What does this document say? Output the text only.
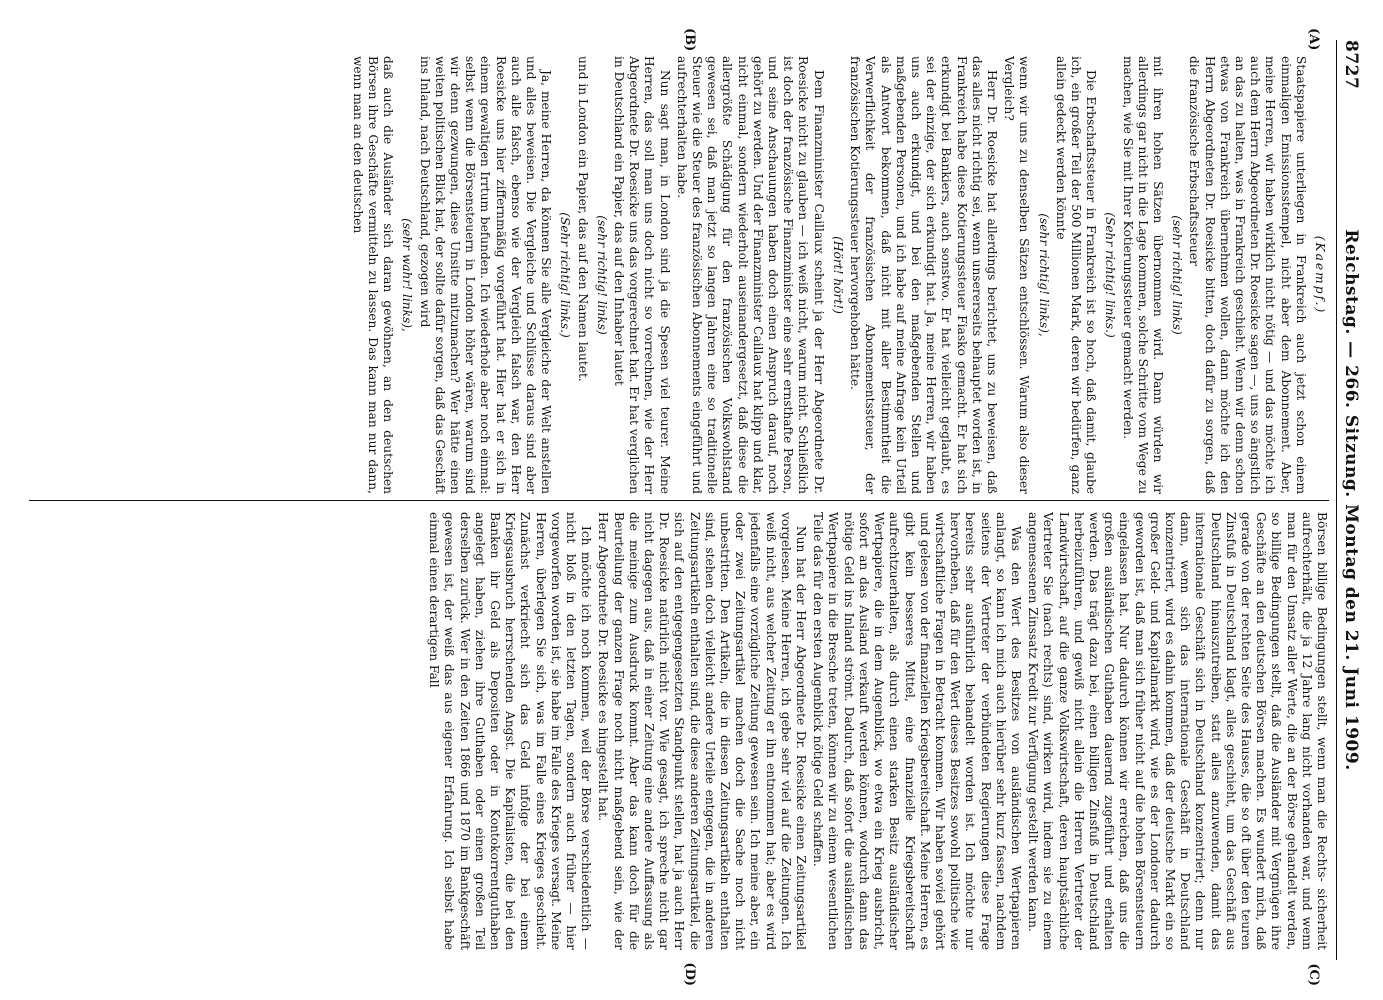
8727
Reichstag. — 266. Sitzung. Montag den 21. Juni 1909.
(A)
(B)
(C)
(D)
(Kaempf.)

Staatspapiere unterliegen in Frankreich auch jetzt schon einem einmaligen Emissionsstempel, nicht aber dem Abonnement. Aber, meine Herren, wir haben wirklich nicht nötig — und das möchte ich auch dem Herrn Abgeordneten Dr. Roesicke sagen —, uns so ängstlich an das zu halten, was in Frankreich geschieht. Wenn wir denn schon etwas von Frankreich übernehmen wollen, dann möchte ich den Herrn Abgeordneten Dr. Roesicke bitten, doch dafür zu sorgen, daß die französische Erbschaftssteuer

(sehr richtig! links)

mit ihren hohen Sätzen übernommen wird. Dann würden wir allerdings gar nicht in die Lage kommen, solche Schritte vom Wege zu machen, wie Sie mit Ihrer Kotierungssteuer gemacht werden.

(Sehr richtig! links.)

Die Erbschaftssteuer in Frankreich ist so hoch, daß damit, glaube ich, ein großer Teil der 500 Millionen Mark, deren wir bedürfen, ganz allein gedeckt werden könnte

(sehr richtig! links),

wenn wir uns zu denselben Sätzen entschlössen. Warum also dieser Vergleich?

Herr Dr. Roesicke hat allerdings berichtet, uns zu beweisen, daß das alles nicht richtig sei, wenn unsererseits behauptet worden ist, in Frankreich habe diese Kotierungssteuer Fiasko gemacht. Er hat sich erkundigt bei Bankiers, auch sonstwo. Er hat vielleicht geglaubt, es sei der einzige, der sich erkundigt hat. Ja, meine Herren, wir haben uns auch erkundigt, und bei den maßgebenden Stellen und maßgebenden Personen, und ich habe auf meine Anfrage kein Urteil als Antwort bekommen, daß nicht mit aller Bestimmtheit die Verwerflichkeit der französischen Abonnementssteuer, der französischen Kotierungssteuer hervorgehoben hätte.

(Hört! hört!)

Dem Finanzminister Caillaux scheint ja der Herr Abgeordnete Dr. Roesicke nicht zu glauben — ich weiß nicht, warum nicht. Schließlich ist doch der französische Finanzminister eine sehr ernsthafte Person, und seine Anschauungen haben doch einen Anspruch darauf, noch gehört zu werden. Und der Finanzminister Caillaux hat klipp und klar, nicht einmal, sondern wiederholt auseinandergesetzt, daß diese die allergrößte Schädigung für den französischen Volkswohlstand gewesen sei, daß man jetzt so langen Jahren eine so traditionelle Steuer wie die Steuer des französischen Abonnements eingeführt und aufrechterhalten habe.

Nun sagt man, in London sind ja die Spesen viel teurer. Meine Herren, das soll man uns doch nicht so vorrechnen, wie der Herr Abgeordnete Dr. Roesicke uns das vorgerechnet hat. Er hat verglichen in Deutschland ein Papier, das auf den Inhaber lautet

(sehr richtig! links)

und in London ein Papier, das auf den Namen lautet.

(Sehr richtig! links.)

Ja, meine Herren, da können Sie alle Vergleiche der Welt anstellen und alles beweisen. Die Vergleiche und Schlüsse daraus sind aber auch alle falsch, ebenso wie der Vergleich falsch war, den Herr Roesicke uns hier ziffernmäßig vorgeführt hat. Hier hat er sich in einem gewaltigen Irrtum befunden. Ich wiederhole aber noch einmal: selbst wenn die Börsensteuern in London höher wären, warum sind wir denn gezwungen, diese Unsitte mitzumachen? Wer hätte einen weiten politischen Blick hat, der sollte dafür sorgen, daß das Geschäft ins Inland, nach Deutschland, gezogen wird

(sehr wahr! links),

daß auch die Ausländer sich daran gewöhnen, an den deutschen Börsen ihre Geschäfte vermitteln zu lassen. Das kann man nur dann, wenn man an den deutschen

Börsen billige Bedingungen stellt, wenn man die Rechts- sicherheit aufrechterhält, die ja 12 Jahre lang nicht vorhanden war, und wenn man für den Umsatz aller Werte, die an der Börse gehandelt werden, so billige Bedingungen stellt, daß die Ausländer mit Vergnügen ihre Geschäfte an den deutschen Börsen machen. Es wundert mich, daß gerade von der rechten Seite des Hauses, die so oft über den teuren Zinsfuß in Deutschland klagt, alles geschieht, um das Geschäft aus Deutschland hinauszutreiben, statt alles anzuwenden, damit das internationale Geschäft sich in Deutschland konzentriert; denn nur dann, wenn sich das internationale Geschäft in Deutschland konzentriert, wird es dahin kommen, daß der deutsche Markt ein so großer Geld- und Kapitalmarkt wird, wie es der Londoner dadurch geworden ist, daß man sich früher nicht auf die hohen Börsensteuern eingelassen hat. Nur dadurch können wir erreichen, daß uns die großen ausländischen Guthaben dauernd zugeführt und erhalten werden. Das trägt dazu bei, einen billigen Zinsfuß in Deutschland herbeizuführen, und gewiß nicht allein die Herren Vertreter der Landwirtschaft, auf die ganze Volkswirtschaft, deren hauptsächliche Vertreter Sie (nach rechts) sind, wirken wird, indem sie zu einem angemessenen Zinssatz Kredit zur Verfügung gestellt werden kann.

Was den Wert des Besitzes von ausländischen Wertpapieren anlangt, so kann ich mich auch hierüber sehr kurz fassen, nachdem seitens der Vertreter der verbündeten Regierungen diese Frage bereits sehr ausführlich behandelt worden ist. Ich möchte nur hervorheben, daß für den Wert dieses Besitzes sowohl politische wie wirtschaftliche Fragen in Betracht kommen. Wir haben soviel gehört und gelesen von der finanziellen Kriegsbereitschaft. Meine Herren, es gibt kein besseres Mittel, eine finanzielle Kriegsbereitschaft aufrechtzuerhalten, als durch einen starken Besitz ausländischer Wertpapiere, die in dem Augenblick, wo etwa ein Krieg ausbricht, sofort an das Ausland verkauft werden können, wodurch dann das nötige Geld ins Inland strömt. Dadurch, daß sofort die ausländischen Wertpapiere in die Bresche treten, können wir zu einem wesentlichen Teile das für den ersten Augenblick nötige Geld schaffen.

Nun hat der Herr Abgeordnete Dr. Roesicke einen Zeitungsartikel vorgelesen. Meine Herren, ich gebe sehr viel auf die Zeitungen. Ich weiß nicht, aus welcher Zeitung er ihn entnommen hat; aber es wird jedenfalls eine vorzügliche Zeitung gewesen sein. Ich meine aber, ein oder zwei Zeitungsartikel machen doch die Sache noch nicht unbestritten. Den Artikeln, die in diesen Zeitungsartikeln enthalten sind, stehen doch vielleicht andere Urteile entgegen, die in anderen Zeitungsartikeln enthalten sind, die diese anderen Zeitungsartikel, die sich auf den entgegengesetzten Standpunkt stellen, hat ja auch Herr Dr. Roesicke natürlich nicht vor. Wie gesagt, ich spreche nicht gar nicht dagegen aus, daß in einer Zeitung eine andere Auffassung als die meinige zum Ausdruck kommt. Aber das kann doch für die Beurteilung der ganzen Frage noch nicht maßgebend sein, wie der Herr Abgeordnete Dr. Roesicke es hingestellt hat.

Ich möchte ich noch kommen, weil der Börse verschiedentlich — nicht bloß in den letzten Tagen, sondern auch früher — hier vorgeworfen worden ist, sie habe im Falle des Krieges versagt. Meine Herren, überlegen Sie sich, was im Falle eines Krieges geschieht. Zunächst verkriecht sich das Geld infolge der bei einem Kriegsausbruch herrschenden Angst. Die Kapitalisten, die bei den Banken ihr Geld als Depositen oder in Kontokorrentguthaben angelegt haben, ziehen ihre Guthaben oder einen großen Teil derselben zurück. Wer in den Zeiten 1866 und 1870 im Bankgeschäft gewesen ist, der weiß das aus eigener Erfahrung. Ich selbst habe einmal einen derartigen Fall
